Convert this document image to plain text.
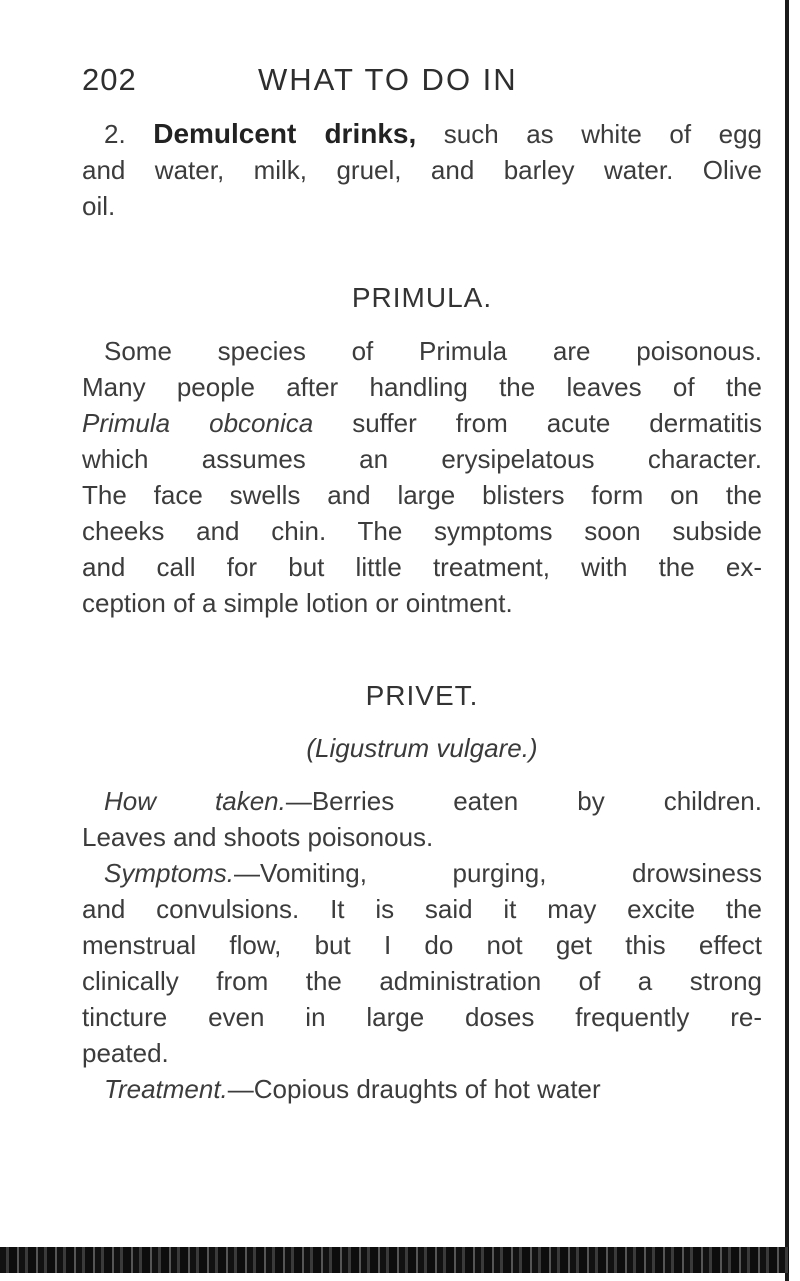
202	WHAT TO DO IN
2. Demulcent drinks, such as white of egg
and water, milk, gruel, and barley water. Olive
oil.
PRIMULA.
Some species of Primula are poisonous.
Many people after handling the leaves of the
Primula obconica suffer from acute dermatitis
which assumes an erysipelatous character.
The face swells and large blisters form on the
cheeks and chin. The symptoms soon subside
and call for but little treatment, with the ex-
ception of a simple lotion or ointment.
PRIVET.
(Ligustrum vulgare.)
How taken.—Berries eaten by children.
Leaves and shoots poisonous.
Symptoms.—Vomiting, purging, drowsiness
and convulsions. It is said it may excite the
menstrual flow, but I do not get this effect
clinically from the administration of a strong
tincture even in large doses frequently re-
peated.
Treatment.—Copious draughts of hot water
